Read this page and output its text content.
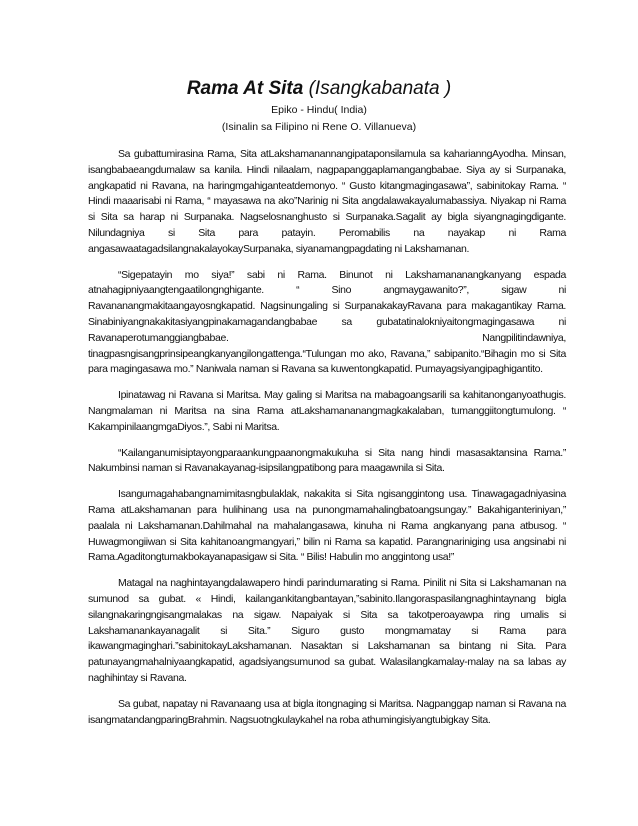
Rama At Sita (Isangkabanata )
Epiko - Hindu( India)
(Isinalin sa Filipino ni Rene O. Villanueva)

Sa gubattumirasina Rama, Sita atLakshamanannangipataponsilamula sa kaharianngAyodha. Minsan, isangbabaeangdumalaw sa kanila. Hindi nilaalam, nagpapanggaplamangangbabae. Siya ay si Surpanaka, angkapatid ni Ravana, na haringmgahiganteatdemonyo. “ Gusto kitangmagingasawa”, sabinitokay Rama. “ Hindi maaarisabi ni Rama, “ mayasawa na ako”Narinig ni Sita angdalawakayalumabassiya. Niyakap ni Rama si Sita sa harap ni Surpanaka. Nagselosnanghusto si Surpanaka.Sagalit ay bigla siyangnagingdigante. Nilundagniya si Sita para patayin. Peromabilis na nayakap ni Rama angasawaatagadsilangnakalayokaySurpanaka, siyanamangpagdating ni Lakshamanan.

“Sigepatayin mo siya!” sabi ni Rama. Binunot ni Lakshamananangkanyang espada atnahagipniyaangtengaatilongnghigante. “ Sino angmaygawanito?”, sigaw ni Ravananangmakitaangayosngkapatid. Nagsinungaling si SurpanakakayRavana para makagantikay Rama. Sinabiniyangnakakitasiyangpinakamagandangbabae sa gubatatinalokniyaitongmagingasawa ni Ravanaperotumanggiangbabae. Nangpilitindawniya, tinagpasngisangprinsipeangkanyangilongattenga.“Tulungan mo ako, Ravana,” sabipanito.“Bihagin mo si Sita para magingasawa mo.” Naniwala naman si Ravana sa kuwentongkapatid. Pumayagsiyangipaghigantito.

Ipinatawag ni Ravana si Maritsa. May galing si Maritsa na mabagoangsarili sa kahitanonganyoathugis. Nangmalaman ni Maritsa na sina Rama atLakshamananangmagkakalaban, tumanggiitongtumulong. “ KakampinilaangmgaDiyos.”, Sabi ni Maritsa.

“Kailanganumisiptayongparaankungpaanongmakukuha si Sita nang hindi masasaktansina Rama.” Nakumbinsi naman si Ravanakayanag-isipsilangpatibong para maagawnila si Sita.

Isangumagahabangnamimitasngbulaklak, nakakita si Sita ngisanggintong usa. Tinawagagadniyasina Rama atLakshamanan para hulihinang usa na punongmamahalingbatoangsungay.” Bakahiganteriniyan,” paalala ni Lakshamanan.Dahilmahal na mahalangasawa, kinuha ni Rama angkanyang pana atbusog. “ Huwagmongiiwan si Sita kahitanoangmangyari,” bilin ni Rama sa kapatid. Parangnariniging usa angsinabi ni Rama.Agaditongtumakbokayanapasigaw si Sita. “ Bilis! Habulin mo anggintong usa!”

Matagal na naghintayangdalawapero hindi parindumarating si Rama. Pinilit ni Sita si Lakshamanan na sumunod sa gubat. « Hindi, kailangankitangbantayan,”sabinito.Ilangoraspasilangnaghintaynang bigla silangnakaringngisangmalakas na sigaw. Napaiyak si Sita sa takotperoayawpa ring umalis si Lakshamanankayanagalit si Sita.” Siguro gusto mongmamatay si Rama para ikawangmaginghari.”sabinitokayLakshamanan. Nasaktan si Lakshamanan sa bintang ni Sita. Para patunayangmahalniyaangkapatid, agadsiyangsumunod sa gubat. Walasilangkamalay-malay na sa labas ay naghihintay si Ravana.

Sa gubat, napatay ni Ravanaang usa at bigla itongnaging si Maritsa. Nagpanggap naman si Ravana na isangmatandangparingBrahmin. Nagsuotngkulaykahel na roba athumingisiyangtubigkay Sita.
